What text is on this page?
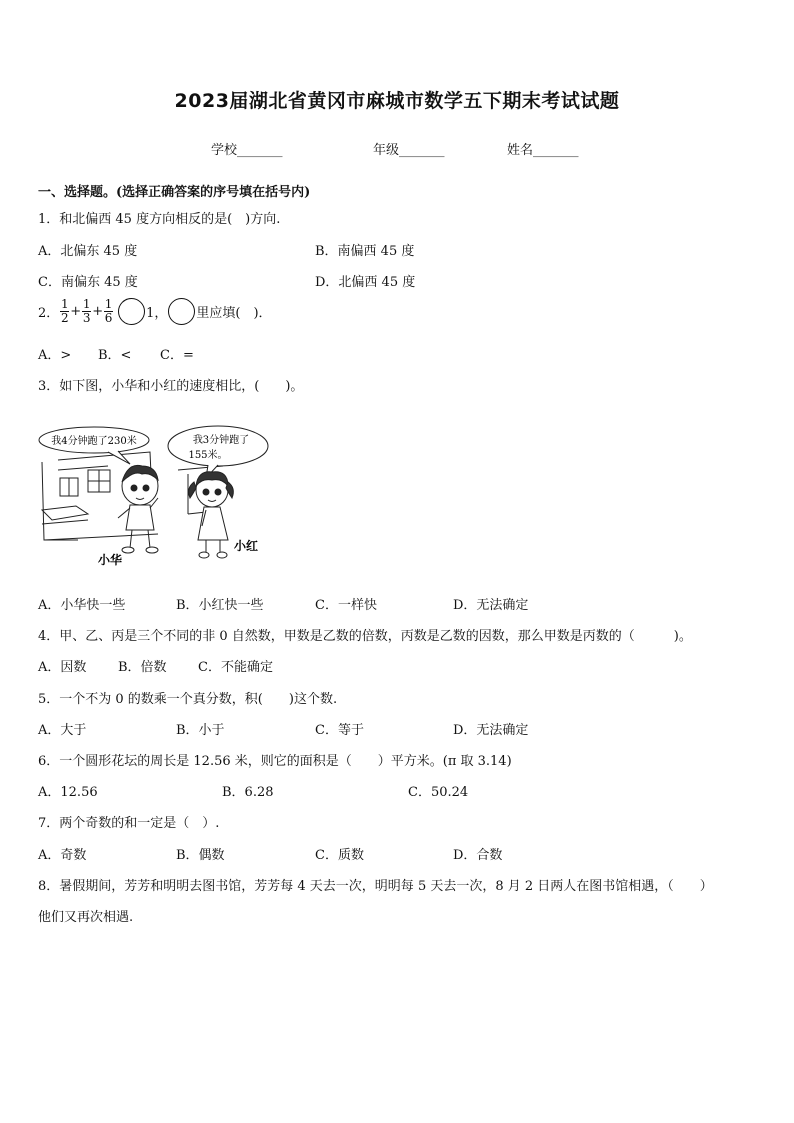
2023届湖北省黄冈市麻城市数学五下期末考试试题
学校_______	年级_______	姓名_______
一、选择题。(选择正确答案的序号填在括号内)
1．和北偏西 45 度方向相反的是(　)方向.
A．北偏东 45 度	B．南偏西 45 度
C．南偏东 45 度	D．北偏西 45 度
2． $\frac{1}{2} + \frac{1}{3} + \frac{1}{6}$	1， 里应填(　)．
A．> B．< C．=
3．如下图，小华和小红的速度相比，(　　)。
我4分钟跑了230米	我3分钟跑了
155米。
小华
小红
A．小华快一些	B．小红快一些	C．一样快	D．无法确定
4．甲、乙、丙是三个不同的非 0 自然数，甲数是乙数的倍数，丙数是乙数的因数，那么甲数是丙数的（　　　)。
A．因数 B．倍数 C．不能确定
5．一个不为 0 的数乘一个真分数，积(　　)这个数.
A．大于	B．小于	C．等于	D．无法确定
6．一个圆形花坛的周长是 12.56 米，则它的面积是（　　）平方米。(π 取 3.14)
A．12.56	B．6.28	C．50.24
7．两个奇数的和一定是（　）.
A．奇数	B．偶数	C．质数	D．合数
8．暑假期间，芳芳和明明去图书馆，芳芳每 4 天去一次，明明每 5 天去一次，8 月 2 日两人在图书馆相遇，（　　）
他们又再次相遇.
